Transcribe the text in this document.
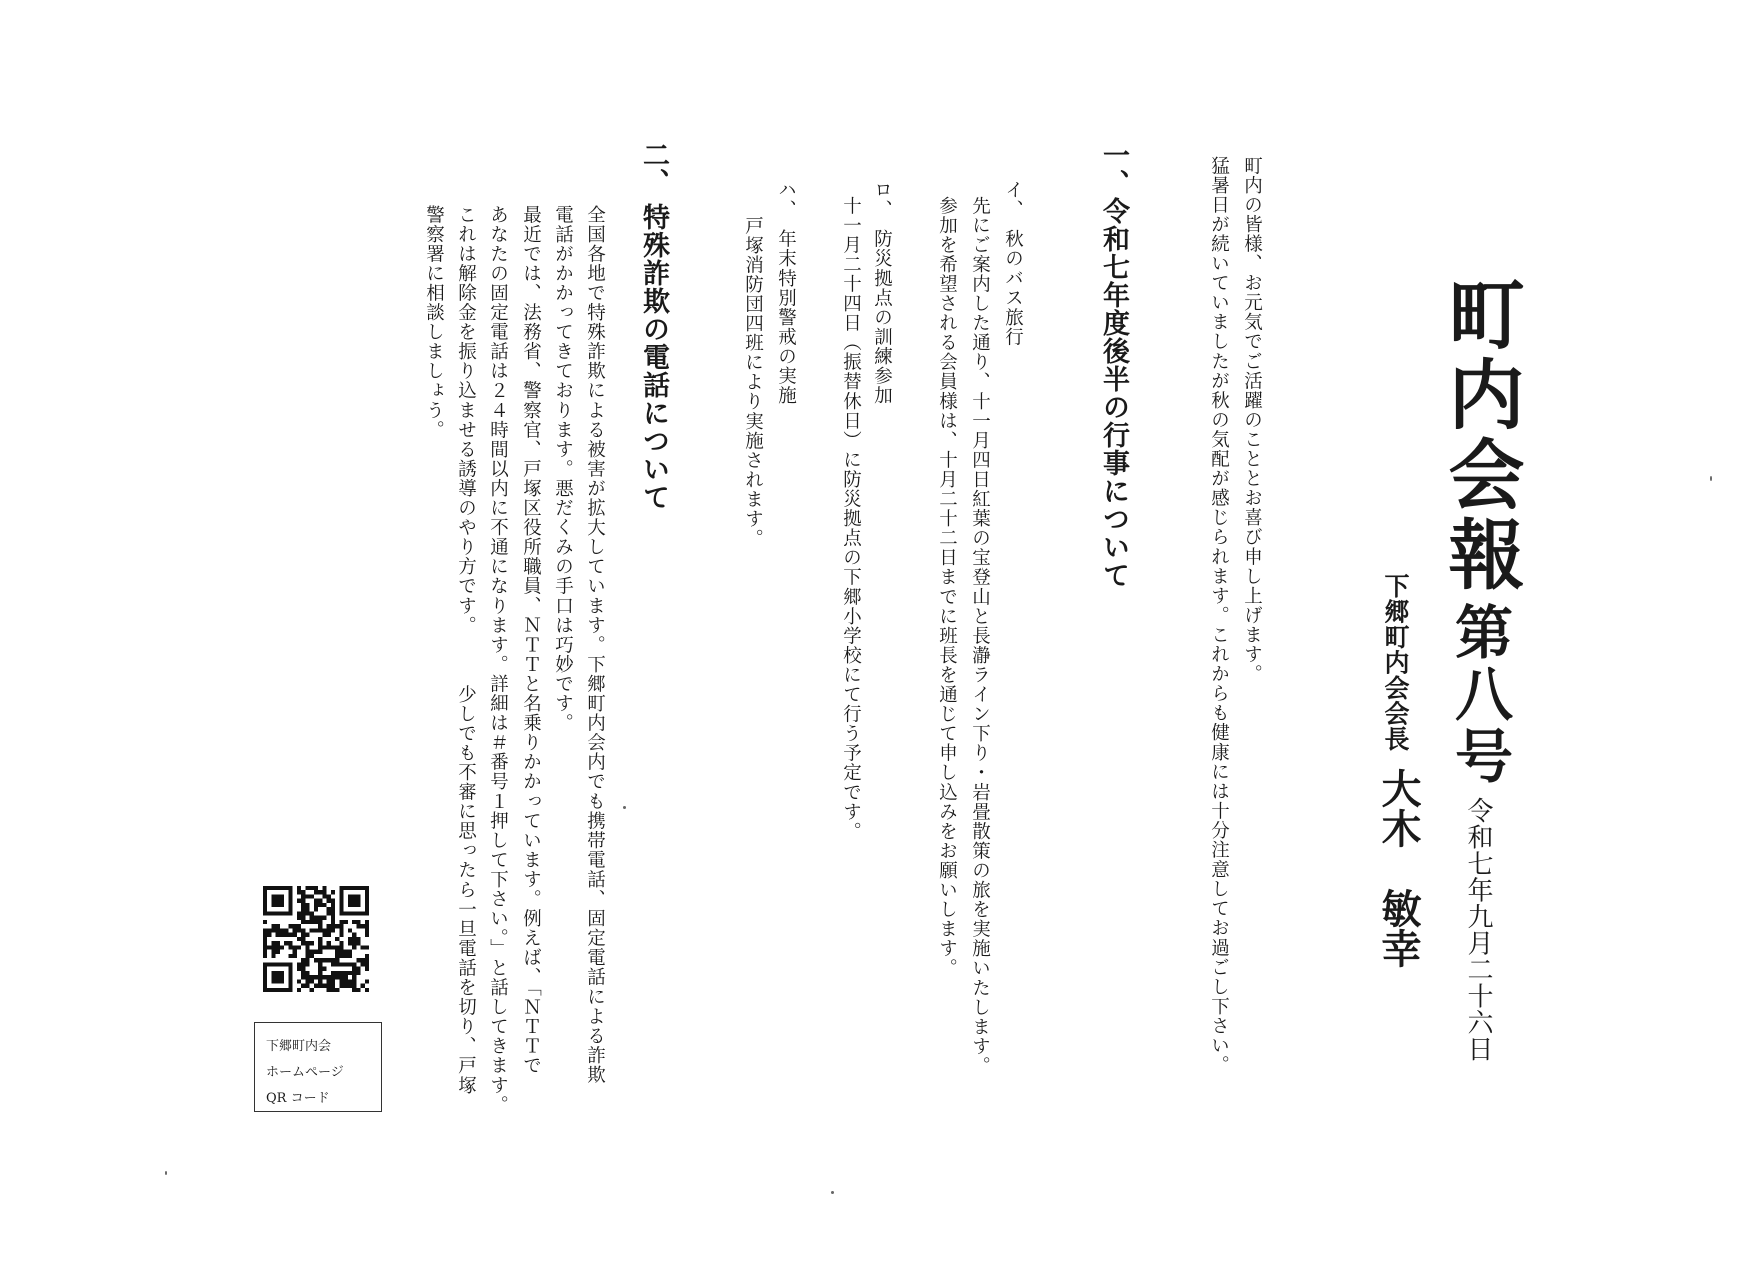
町内会報
第八号
令和七年九月二十六日
下郷町内会会長
大木　敏幸
町内の皆様、お元気でご活躍のこととお喜び申し上げます。
猛暑日が続いていましたが秋の気配が感じられます。これからも健康には十分注意してお過ごし下さい。
一、令和七年度後半の行事について
イ、　秋のバス旅行
先にご案内した通り、十一月四日紅葉の宝登山と長瀞ライン下り・岩畳散策の旅を実施いたします。
参加を希望される会員様は、十月二十二日までに班長を通じて申し込みをお願いします。
ロ、　防災拠点の訓練参加
十一月二十四日（振替休日）に防災拠点の下郷小学校にて行う予定です。
ハ、　年末特別警戒の実施
戸塚消防団四班により実施されます。
二、
特殊詐欺の電話について
全国各地で特殊詐欺による被害が拡大しています。下郷町内会内でも携帯電話、固定電話による詐欺
電話がかかってきております。悪だくみの手口は巧妙です。
最近では、法務省、警察官、戸塚区役所職員、ＮＴＴと名乗りかかっています。例えば、「ＮＴＴで
あなたの固定電話は２４時間以内に不通になります。詳細は＃番号１押して下さい。」と話してきます。
これは解除金を振り込ませる誘導のやり方です。　　　少しでも不審に思ったら一旦電話を切り、戸塚
警察署に相談しましょう。
下郷町内会
ホームページ
QR コード
